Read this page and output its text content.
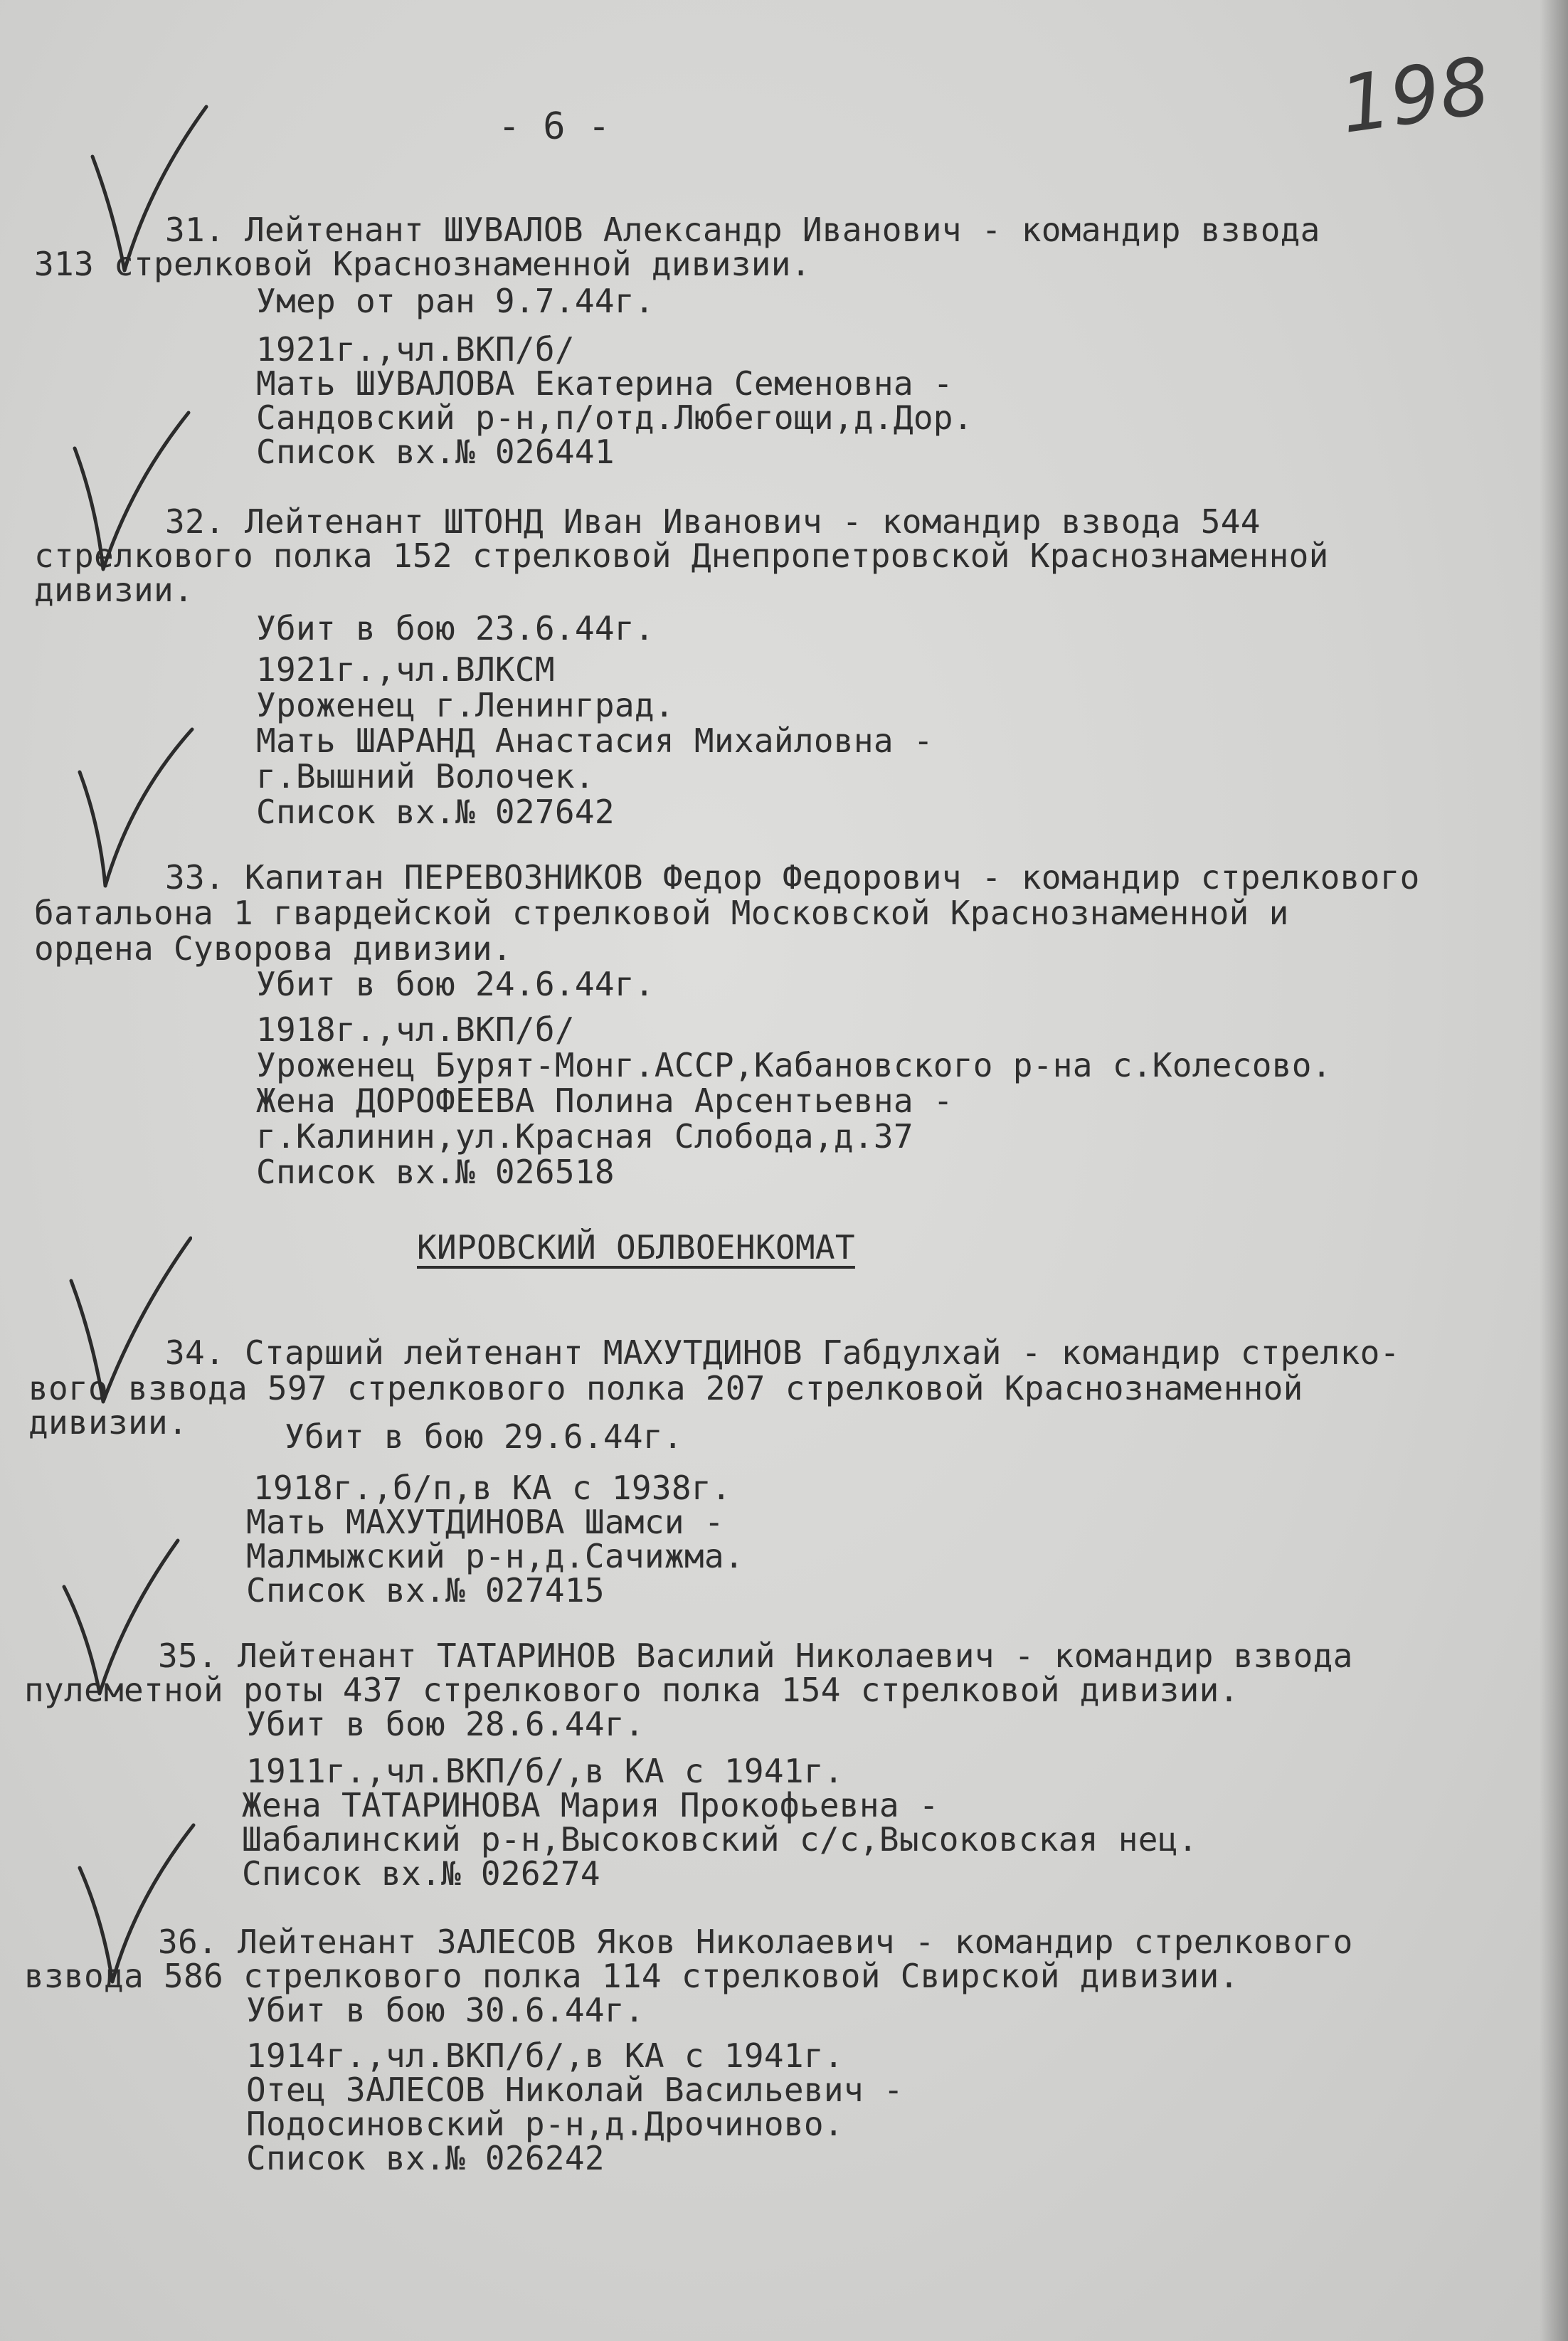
- 6 -	198
31. Лейтенант ШУВАЛОВ Александр Иванович - командир взвода
313 стрелковой Краснознаменной дивизии.
Умер от ран 9.7.44г.
1921г.,чл.ВКП/б/
Мать ШУВАЛОВА Екатерина Семеновна -
Сандовский р-н,п/отд.Любегощи,д.Дор.
Список вх.№ 026441
32. Лейтенант ШТОНД Иван Иванович - командир взвода 544
стрелкового полка 152 стрелковой Днепропетровской Краснознаменной
дивизии.
Убит в бою 23.6.44г.
1921г.,чл.ВЛКСМ
Уроженец г.Ленинград.
Мать ШАРАНД Анастасия Михайловна -
г.Вышний Волочек.
Список вх.№ 027642
33. Капитан ПЕРЕВОЗНИКОВ Федор Федорович - командир стрелкового
батальона 1 гвардейской стрелковой Московской Краснознаменной и
ордена Суворова дивизии.
Убит в бою 24.6.44г.
1918г.,чл.ВКП/б/
Уроженец Бурят-Монг.АССР,Кабановского р-на с.Колесово.
Жена ДОРОФЕЕВА Полина Арсентьевна -
г.Калинин,ул.Красная Слобода,д.37
Список вх.№ 026518
КИРОВСКИЙ ОБЛВОЕНКОМАТ
34. Старший лейтенант МАХУТДИНОВ Габдулхай - командир стрелко-
вого взвода 597 стрелкового полка 207 стрелковой Краснознаменной
дивизии.	Убит в бою 29.6.44г.
1918г.,б/п,в КА с 1938г.
Мать МАХУТДИНОВА Шамси -
Малмыжский р-н,д.Сачижма.
Список вх.№ 027415
35. Лейтенант ТАТАРИНОВ Василий Николаевич - командир взвода
пулеметной роты 437 стрелкового полка 154 стрелковой дивизии.
Убит в бою 28.6.44г.
1911г.,чл.ВКП/б/,в КА с 1941г.
Жена ТАТАРИНОВА Мария Прокофьевна -
Шабалинский р-н,Высоковский с/с,Высоковская нец.
Список вх.№ 026274
36. Лейтенант ЗАЛЕСОВ Яков Николаевич - командир стрелкового
взвода 586 стрелкового полка 114 стрелковой Свирской дивизии.
Убит в бою 30.6.44г.
1914г.,чл.ВКП/б/,в КА с 1941г.
Отец ЗАЛЕСОВ Николай Васильевич -
Подосиновский р-н,д.Дрочиново.
Список вх.№ 026242
